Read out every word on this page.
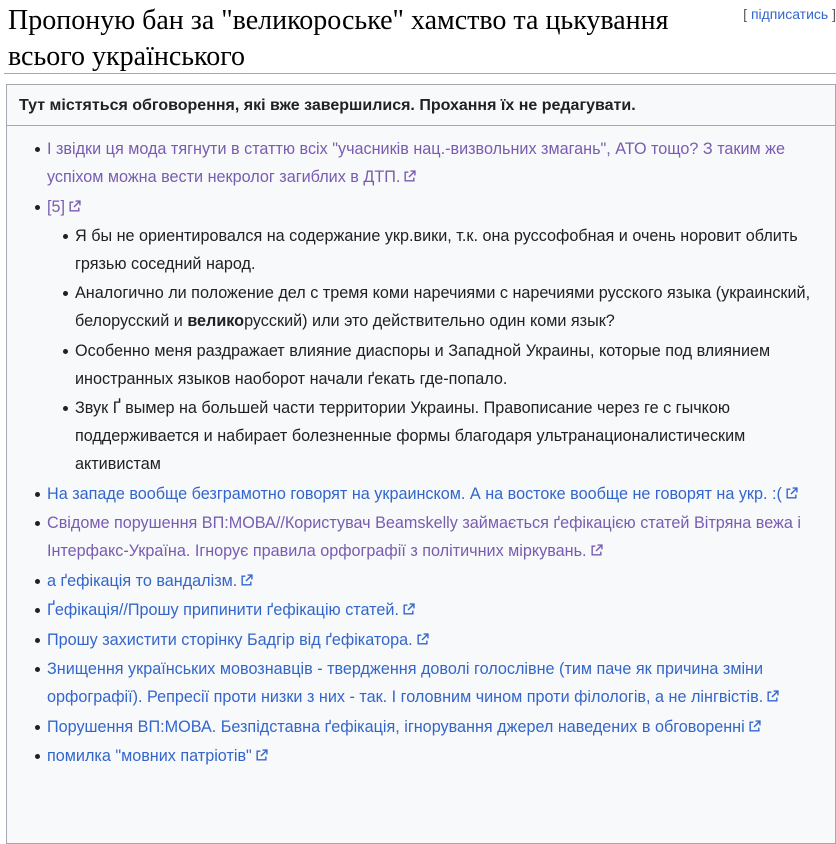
Пропоную бан за "великороське" хамство та цькування всього українського
[ підписатись ]

Тут містяться обговорення, які вже завершилися. Прохання їх не редагувати.

І звідки ця мода тягнути в статтю всіх "учасників нац.-визвольних змагань", АТО тощо? З таким же успіхом можна вести некролог загиблих в ДТП.
[5]
Я бы не ориентировался на содержание укр.вики, т.к. она руссофобная и очень норовит облить грязью соседний народ.
Аналогично ли положение дел с тремя коми наречиями с наречиями русского языка (украинский, белорусский и великорусский) или это действительно один коми язык?
Особенно меня раздражает влияние диаспоры и Западной Украины, которые под влиянием иностранных языков наоборот начали ґекать где-попало.
Звук Ґ вымер на большей части территории Украины. Правописание через ге с гычкою поддерживается и набирает болезненные формы благодаря ультранационалистическим активистам
На западе вообще безграмотно говорят на украинском. А на востоке вообще не говорят на укр. :(
Свідоме порушення ВП:МОВА//Користувач Beamskelly займається ґефікацією статей Вітряна вежа і Інтерфакс-Україна. Ігнорує правила орфографії з політичних міркувань.
а ґефікація то вандалізм.
Ґефікація//Прошу припинити ґефікацію статей.
Прошу захистити сторінку Бадгір від ґефікатора.
Знищення українських мовознавців - твердження доволі голослівне (тим паче як причина зміни орфографії). Репресії проти низки з них - так. І головним чином проти філологів, а не лінгвістів.
Порушення ВП:МОВА. Безпідставна ґефікація, ігнорування джерел наведених в обговоренні
помилка "мовних патріотів"
